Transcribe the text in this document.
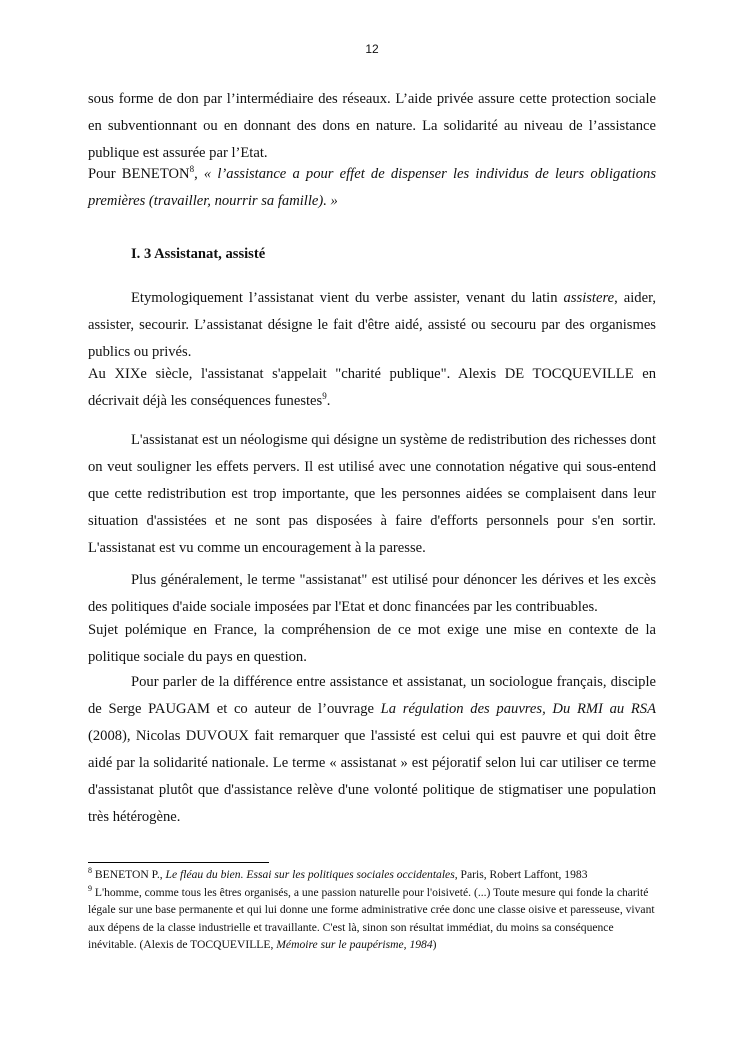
12

sous forme de don par l’intermédiaire des réseaux. L’aide privée assure cette protection sociale en subventionnant ou en donnant des dons en nature. La solidarité au niveau de l’assistance publique est assurée par l’Etat.

Pour BENETON$^8$, « l’assistance a pour effet de dispenser les individus de leurs obligations premières (travailler, nourrir sa famille). »

I. 3 Assistanat, assisté

Etymologiquement l’assistanat vient du verbe assister, venant du latin assistere, aider, assister, secourir. L’assistanat désigne le fait d'être aidé, assisté ou secouru par des organismes publics ou privés.

Au XIXe siècle, l'assistanat s'appelait "charité publique". Alexis DE TOCQUEVILLE en décrivait déjà les conséquences funestes$^9$.

L'assistanat est un néologisme qui désigne un système de redistribution des richesses dont on veut souligner les effets pervers. Il est utilisé avec une connotation négative qui sous-entend que cette redistribution est trop importante, que les personnes aidées se complaisent dans leur situation d'assistées et ne sont pas disposées à faire d'efforts personnels pour s'en sortir. L'assistanat est vu comme un encouragement à la paresse.

Plus généralement, le terme "assistanat" est utilisé pour dénoncer les dérives et les excès des politiques d'aide sociale imposées par l'Etat et donc financées par les contribuables.

Sujet polémique en France, la compréhension de ce mot exige une mise en contexte de la politique sociale du pays en question.

Pour parler de la différence entre assistance et assistanat, un sociologue français, disciple de Serge PAUGAM et co auteur de l’ouvrage La régulation des pauvres, Du RMI au RSA (2008), Nicolas DUVOUX fait remarquer que l'assisté est celui qui est pauvre et qui doit être aidé par la solidarité nationale. Le terme « assistanat » est péjoratif selon lui car utiliser ce terme d'assistanat plutôt que d'assistance relève d'une volonté politique de stigmatiser une population très hétérogène.

$^8$ BENETON P., Le fléau du bien. Essai sur les politiques sociales occidentales, Paris, Robert Laffont, 1983

$^9$ L'homme, comme tous les êtres organisés, a une passion naturelle pour l'oisiveté. (...) Toute mesure qui fonde la charité légale sur une base permanente et qui lui donne une forme administrative crée donc une classe oisive et paresseuse, vivant aux dépens de la classe industrielle et travaillante. C'est là, sinon son résultat immédiat, du moins sa conséquence inévitable. (Alexis de TOCQUEVILLE, Mémoire sur le paupérisme, 1984)
